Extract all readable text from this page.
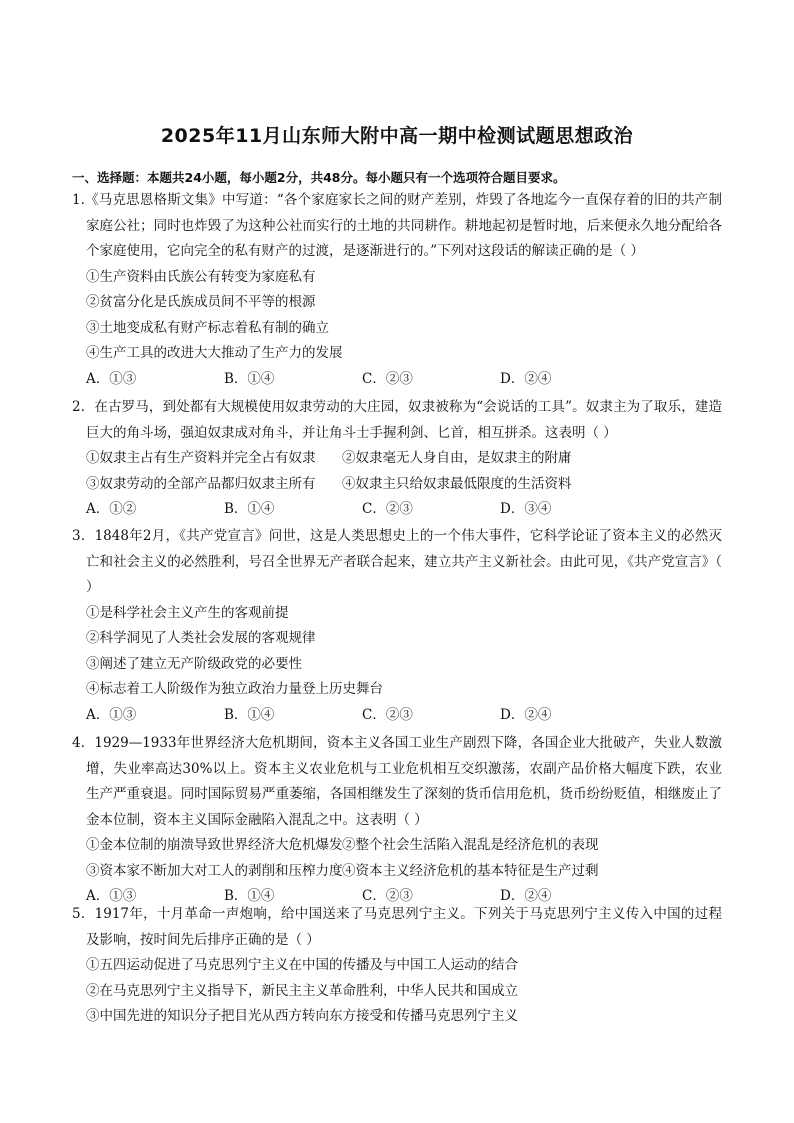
2025年11月山东师大附中高一期中检测试题思想政治
一、选择题：本题共24小题，每小题2分，共48分。每小题只有一个选项符合题目要求。

1.《马克思恩格斯文集》中写道：“各个家庭家长之间的财产差别，炸毁了各地迄今一直保存着的旧的共产制家庭公社；同时也炸毁了为这种公社而实行的土地的共同耕作。耕地起初是暂时地，后来便永久地分配给各个家庭使用，它向完全的私有财产的过渡，是逐渐进行的。”下列对这段话的解读正确的是（ ）

①生产资料由氏族公有转变为家庭私有

②贫富分化是氏族成员间不平等的根源

③土地变成私有财产标志着私有制的确立

④生产工具的改进大大推动了生产力的发展

A．①③	B．①④	C．②③	D．②④

2．在古罗马，到处都有大规模使用奴隶劳动的大庄园，奴隶被称为“会说话的工具”。奴隶主为了取乐，建造巨大的角斗场，强迫奴隶成对角斗，并让角斗士手握利剑、匕首，相互拼杀。这表明（ ）

①奴隶主占有生产资料并完全占有奴隶 ②奴隶毫无人身自由，是奴隶主的附庸
③奴隶劳动的全部产品都归奴隶主所有 ④奴隶主只给奴隶最低限度的生活资料
A．①②	B．①④	C．②③	D．③④

3．1848年2月，《共产党宣言》问世，这是人类思想史上的一个伟大事件，它科学论证了资本主义的必然灭亡和社会主义的必然胜利，号召全世界无产者联合起来，建立共产主义新社会。由此可见，《共产党宣言》（ ）

①是科学社会主义产生的客观前提

②科学洞见了人类社会发展的客观规律

③阐述了建立无产阶级政党的必要性

④标志着工人阶级作为独立政治力量登上历史舞台

A．①③	B．①④	C．②③	D．②④

4．1929—1933年世界经济大危机期间，资本主义各国工业生产剧烈下降，各国企业大批破产，失业人数激增，失业率高达30%以上。资本主义农业危机与工业危机相互交织激荡，农副产品价格大幅度下跌，农业生产严重衰退。同时国际贸易严重萎缩，各国相继发生了深刻的货币信用危机，货币纷纷贬值，相继废止了金本位制，资本主义国际金融陷入混乱之中。这表明（ ）

①金本位制的崩溃导致世界经济大危机爆发②整个社会生活陷入混乱是经济危机的表现
③资本家不断加大对工人的剥削和压榨力度④资本主义经济危机的基本特征是生产过剩
A．①③	B．①④	C．②③	D．②④

5．1917年，十月革命一声炮响，给中国送来了马克思列宁主义。下列关于马克思列宁主义传入中国的过程及影响，按时间先后排序正确的是（ ）

①五四运动促进了马克思列宁主义在中国的传播及与中国工人运动的结合

②在马克思列宁主义指导下，新民主主义革命胜利，中华人民共和国成立

③中国先进的知识分子把目光从西方转向东方接受和传播马克思列宁主义
